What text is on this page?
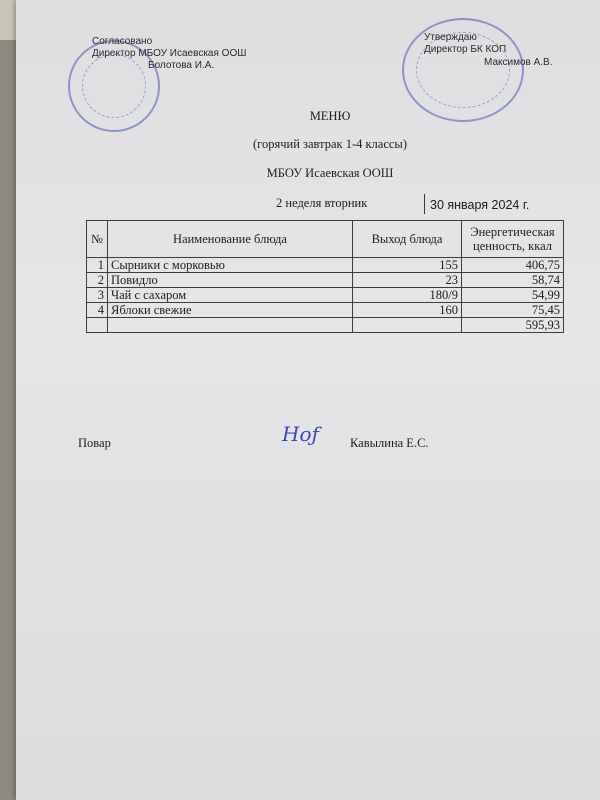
Согласовано
Директор МБОУ Исаевская ООШ
Болотова И.А.
Утверждаю
Директор БК КОП
Максимов А.В.
МЕНЮ
(горячий завтрак 1-4 классы)
МБОУ Исаевская ООШ
2 неделя вторник	30 января 2024 г.
№	Наименование блюда	Выход блюда	Энергетическая ценность, ккал
1	Сырники с морковью	155	406,75
2	Повидло	23	58,74
3	Чай с сахаром	180/9	54,99
4	Яблоки свежие	160	75,45
			595,93
Повар	Нoƒ Кавылина Е.С.
